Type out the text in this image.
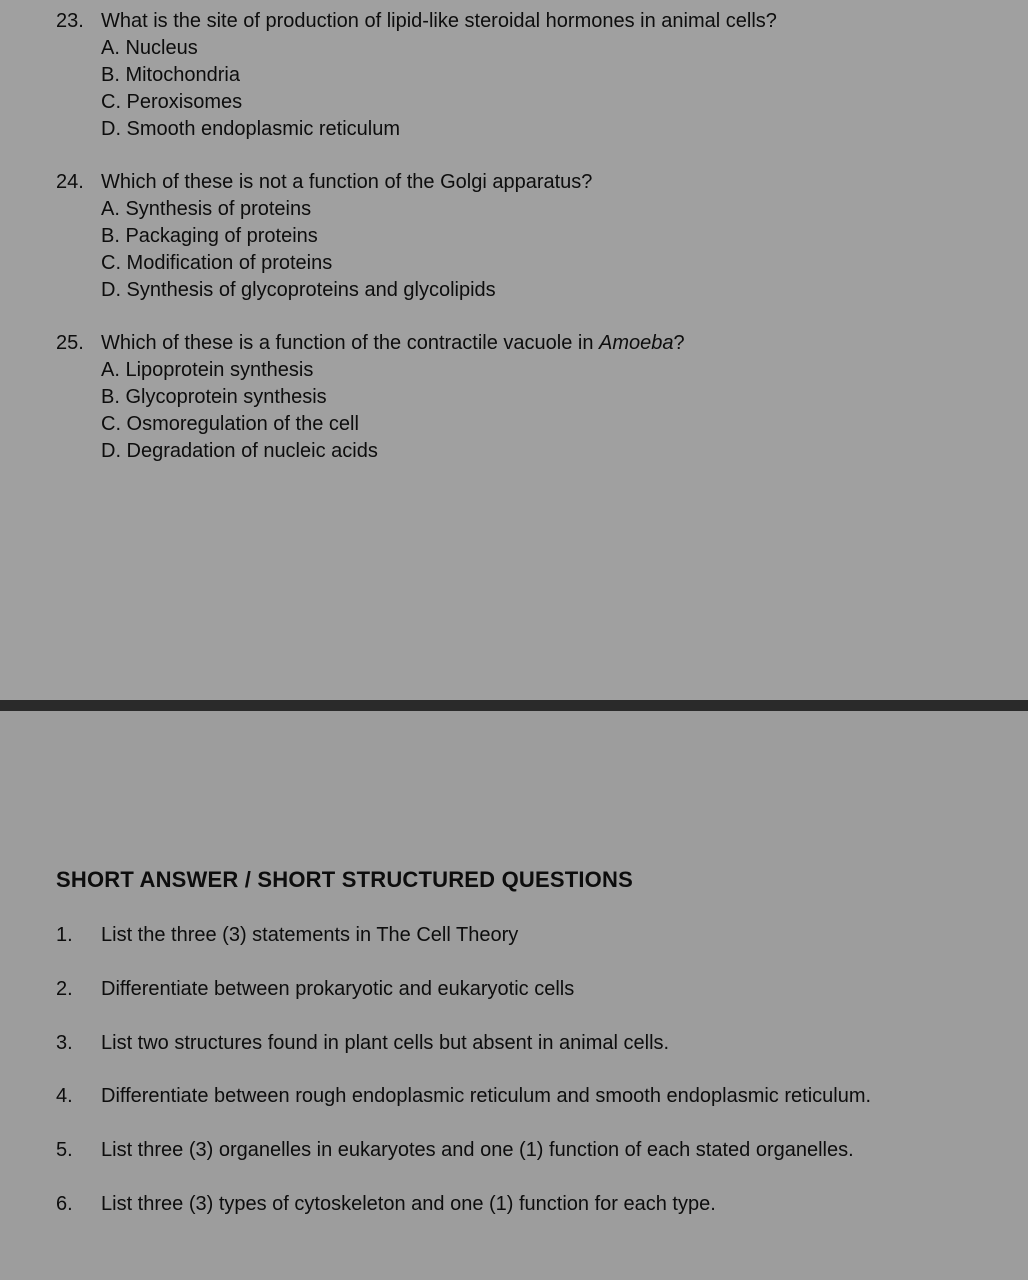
23. What is the site of production of lipid-like steroidal hormones in animal cells?
A. Nucleus
B. Mitochondria
C. Peroxisomes
D. Smooth endoplasmic reticulum
24. Which of these is not a function of the Golgi apparatus?
A. Synthesis of proteins
B. Packaging of proteins
C. Modification of proteins
D. Synthesis of glycoproteins and glycolipids
25. Which of these is a function of the contractile vacuole in Amoeba?
A. Lipoprotein synthesis
B. Glycoprotein synthesis
C. Osmoregulation of the cell
D. Degradation of nucleic acids
SHORT ANSWER / SHORT STRUCTURED QUESTIONS
1.	List the three (3) statements in The Cell Theory
2.	Differentiate between prokaryotic and eukaryotic cells
3.	List two structures found in plant cells but absent in animal cells.
4.	Differentiate between rough endoplasmic reticulum and smooth endoplasmic reticulum.
5.	List three (3) organelles in eukaryotes and one (1) function of each stated organelles.
6.	List three (3) types of cytoskeleton and one (1) function for each type.
